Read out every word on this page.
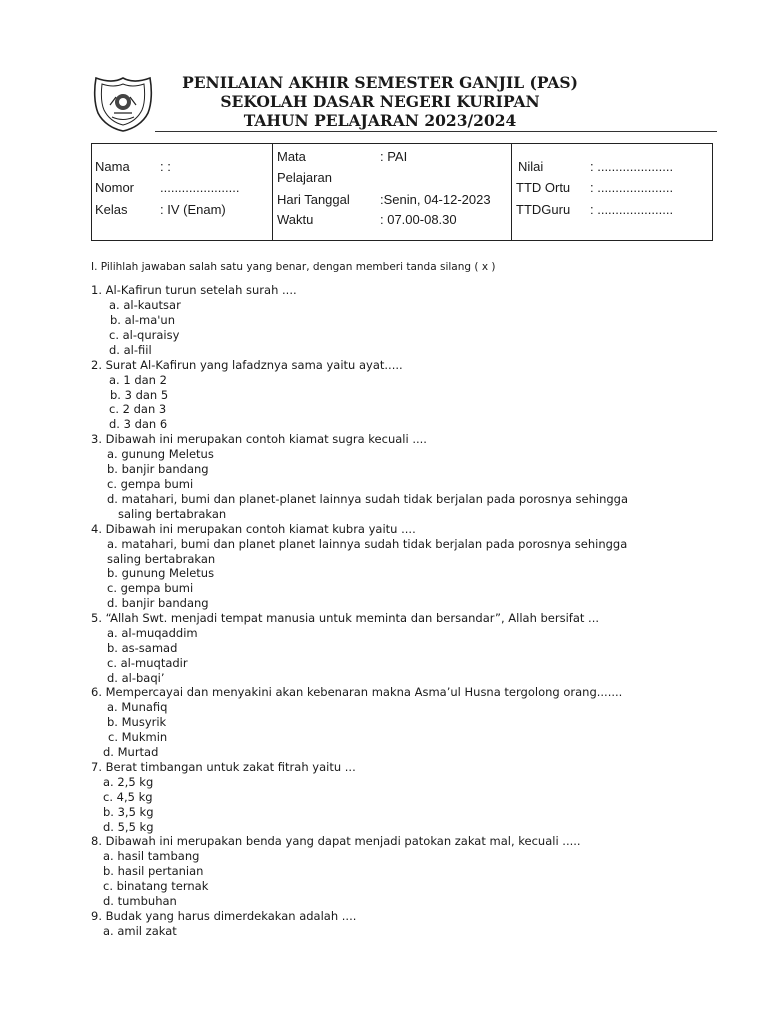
PENILAIAN AKHIR SEMESTER GANJIL (PAS)
SEKOLAH DASAR NEGERI KURIPAN
TAHUN PELAJARAN 2023/2024
Nama : :
Nomor ......................
Kelas : IV (Enam)
Mata
Pelajaran
: PAI
Hari Tanggal :Senin, 04-12-2023
Waktu	: 07.00-08.30
Nilai	: .....................
TTD Ortu : .....................
TTDGuru : .....................
I. Pilihlah jawaban salah satu yang benar, dengan memberi tanda silang ( x )
1. Al-Kafirun turun setelah surah ....
a. al-kautsar
b. al-ma'un
c. al-quraisy
d. al-fiil
2. Surat Al-Kafirun yang lafadznya sama yaitu ayat.....
a. 1 dan 2
b. 3 dan 5
c. 2 dan 3
d. 3 dan 6
3. Dibawah ini merupakan contoh kiamat sugra kecuali ....
a. gunung Meletus
b. banjir bandang
c. gempa bumi
d. matahari, bumi dan planet-planet lainnya sudah tidak berjalan pada porosnya sehingga
saling bertabrakan
4. Dibawah ini merupakan contoh kiamat kubra yaitu ....
a. matahari, bumi dan planet planet lainnya sudah tidak berjalan pada porosnya sehingga
saling bertabrakan
b. gunung Meletus
c. gempa bumi
d. banjir bandang
5. “Allah Swt. menjadi tempat manusia untuk meminta dan bersandar”, Allah bersifat ...
a. al-muqaddim
b. as-samad
c. al-muqtadir
d. al-baqi’
6. Mempercayai dan menyakini akan kebenaran makna Asma’ul Husna tergolong orang.......
a. Munafiq
b. Musyrik
c. Mukmin
d. Murtad
7. Berat timbangan untuk zakat fitrah yaitu ...
a. 2,5 kg
c. 4,5 kg
b. 3,5 kg
d. 5,5 kg
8. Dibawah ini merupakan benda yang dapat menjadi patokan zakat mal, kecuali .....
a. hasil tambang
b. hasil pertanian
c. binatang ternak
d. tumbuhan
9. Budak yang harus dimerdekakan adalah ....
a. amil zakat
